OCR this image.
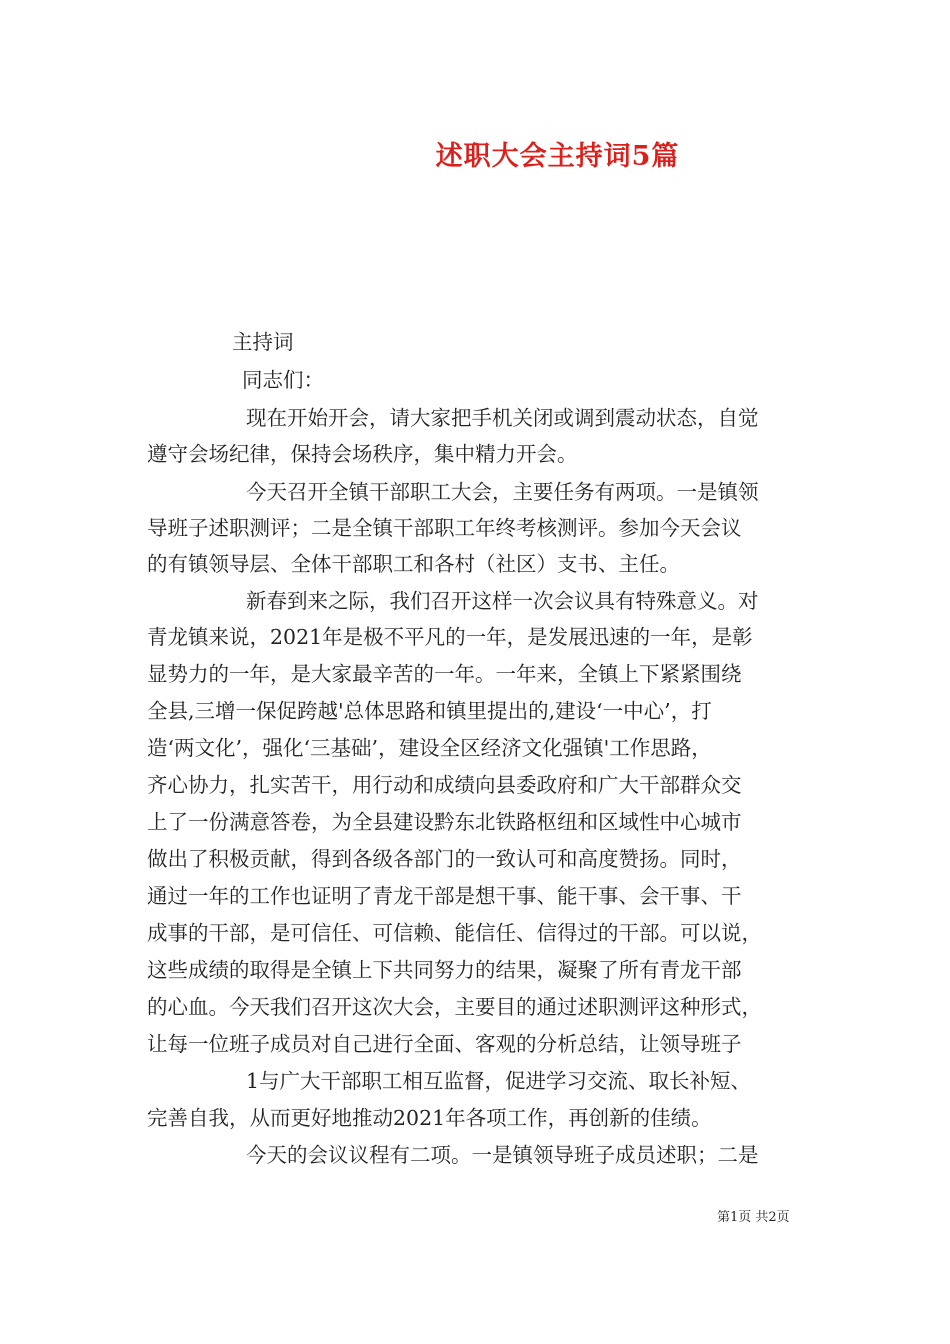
述职大会主持词5篇
主持词
同志们：
现在开始开会，请大家把手机关闭或调到震动状态，自觉
遵守会场纪律，保持会场秩序，集中精力开会。
今天召开全镇干部职工大会，主要任务有两项。一是镇领
导班子述职测评；二是全镇干部职工年终考核测评。参加今天会议
的有镇领导层、全体干部职工和各村（社区）支书、主任。
新春到来之际，我们召开这样一次会议具有特殊意义。对
青龙镇来说，2021年是极不平凡的一年，是发展迅速的一年，是彰
显势力的一年，是大家最辛苦的一年。一年来，全镇上下紧紧围绕
全县,三增一保促跨越'总体思路和镇里提出的,建设‘一中心’，打
造‘两文化’，强化‘三基础’，建设全区经济文化强镇'工作思路，
齐心协力，扎实苦干，用行动和成绩向县委政府和广大干部群众交
上了一份满意答卷，为全县建设黔东北铁路枢纽和区域性中心城市
做出了积极贡献，得到各级各部门的一致认可和高度赞扬。同时，
通过一年的工作也证明了青龙干部是想干事、能干事、会干事、干
成事的干部，是可信任、可信赖、能信任、信得过的干部。可以说，
这些成绩的取得是全镇上下共同努力的结果，凝聚了所有青龙干部
的心血。今天我们召开这次大会，主要目的通过述职测评这种形式，
让每一位班子成员对自己进行全面、客观的分析总结，让领导班子
1与广大干部职工相互监督，促进学习交流、取长补短、
完善自我，从而更好地推动2021年各项工作，再创新的佳绩。
今天的会议议程有二项。一是镇领导班子成员述职；二是
第1页 共2页
